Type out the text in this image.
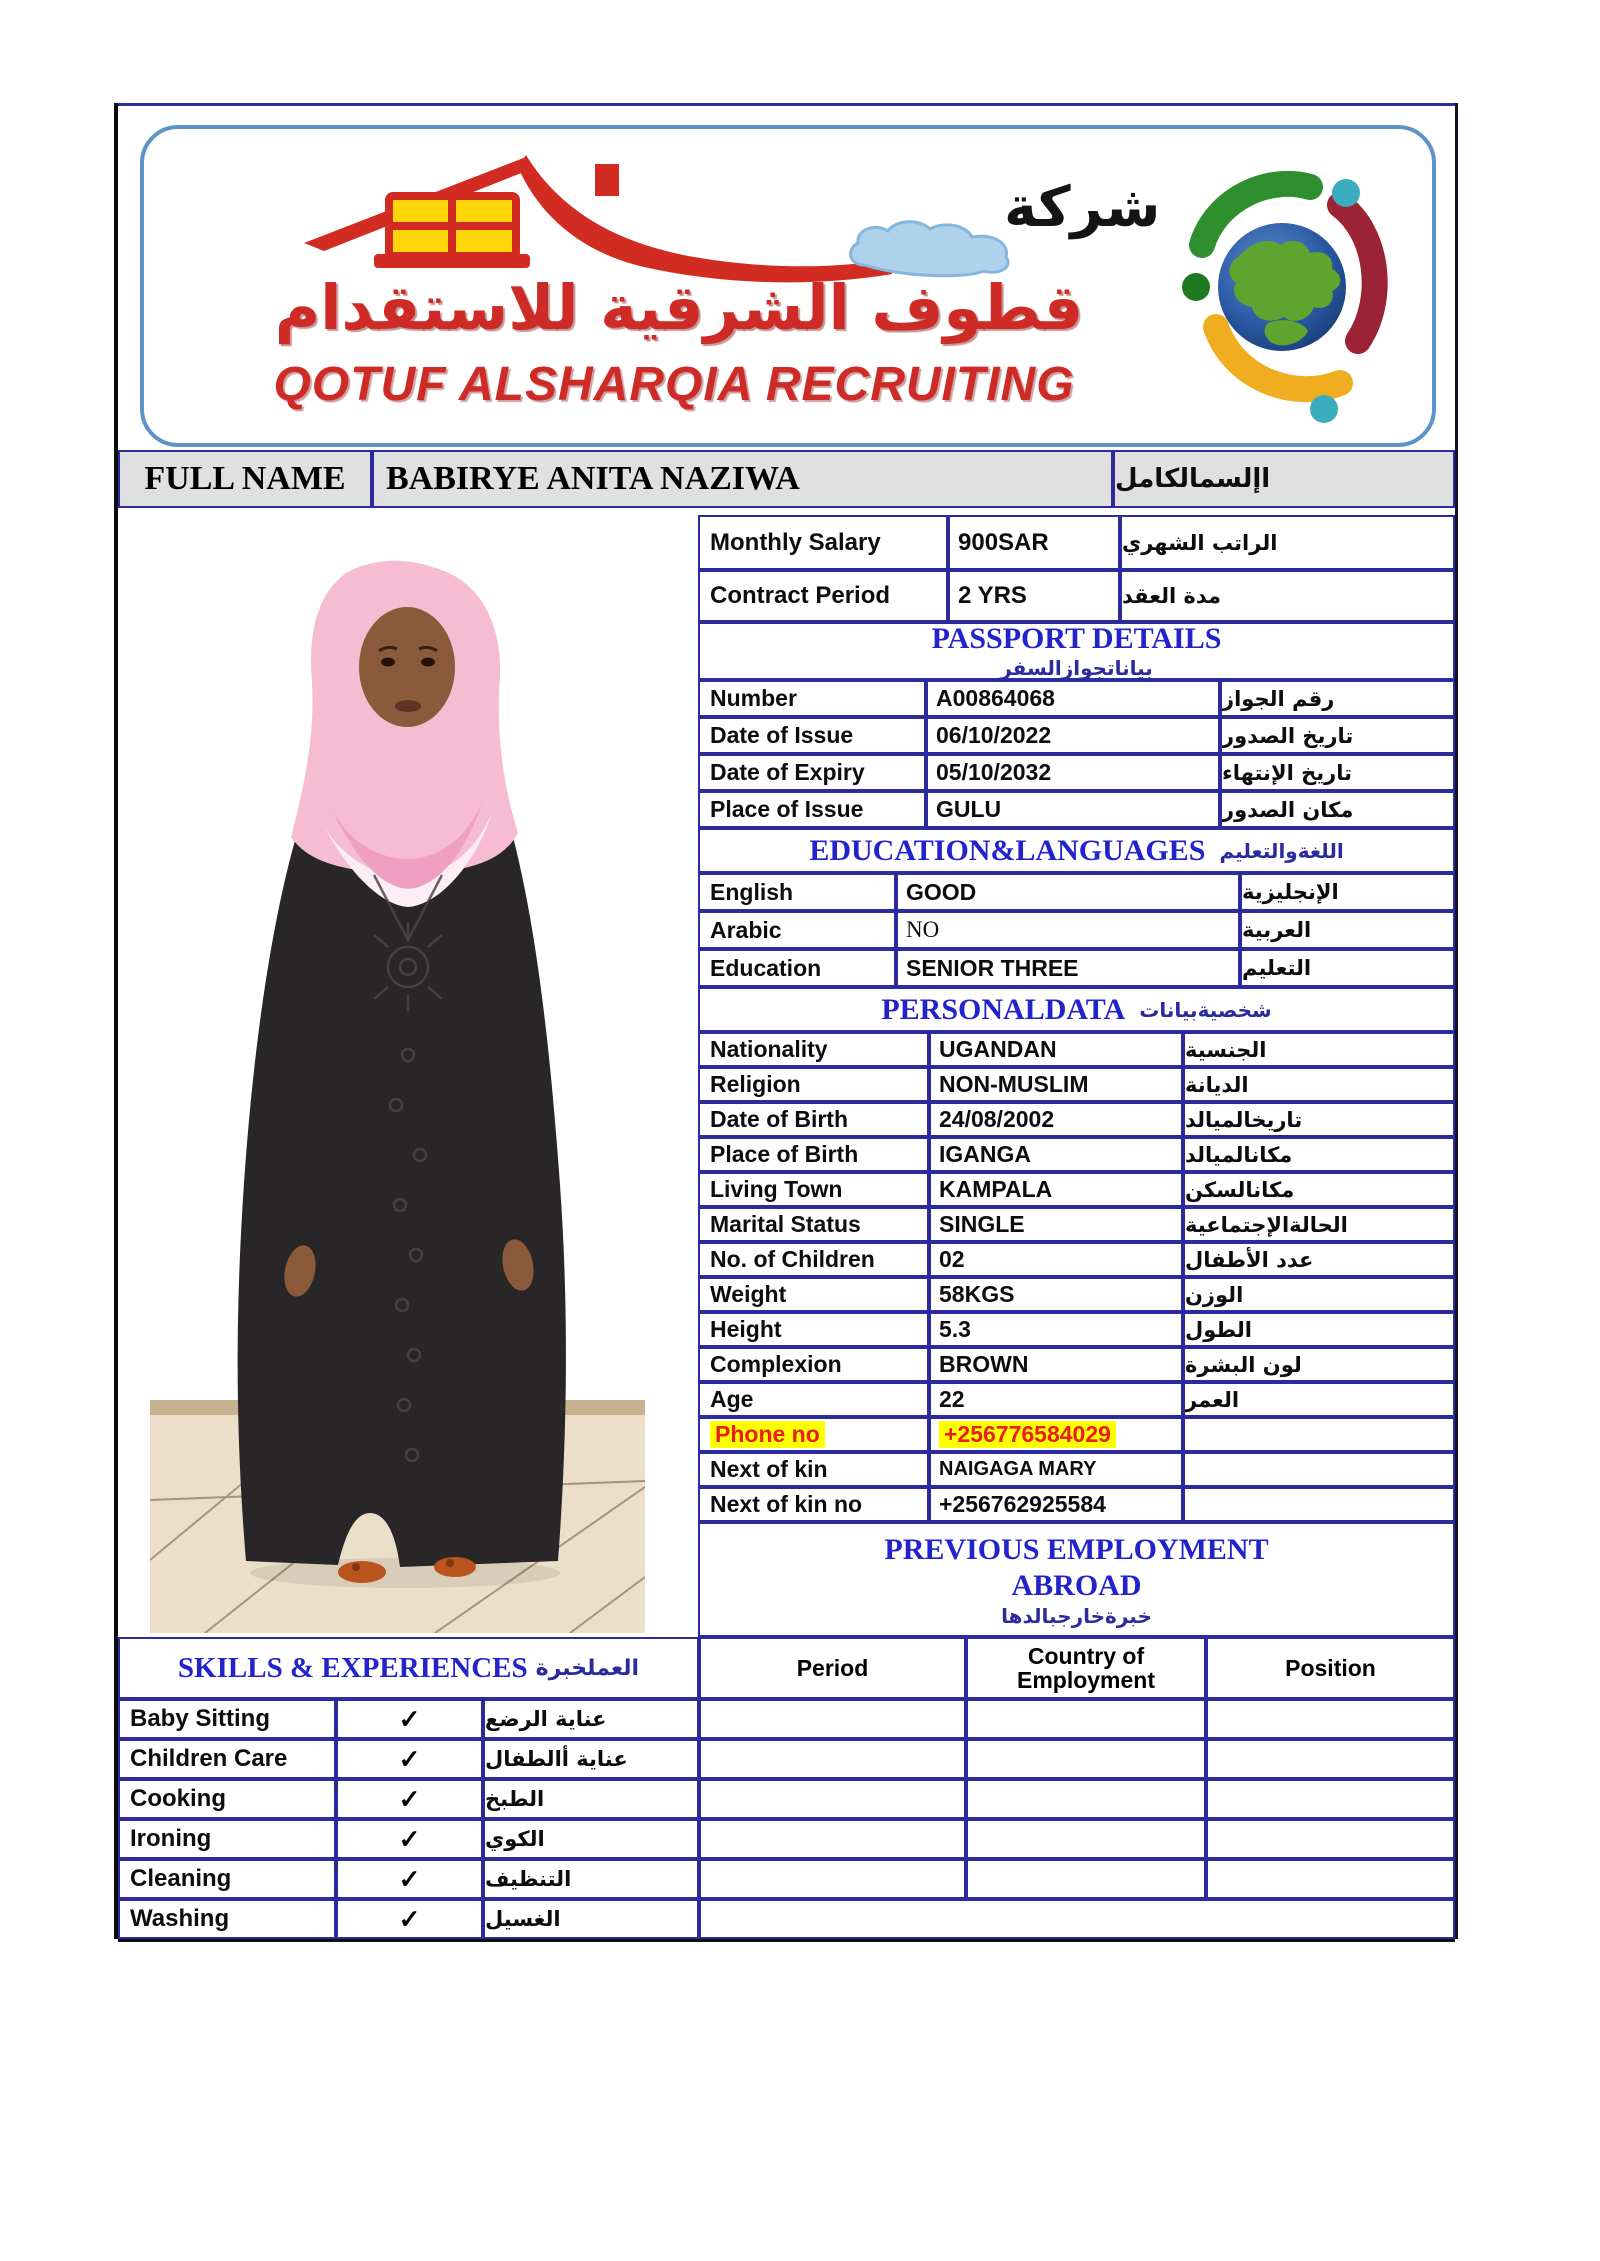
شركة
قطوف الشرقية للاستقدام
QOTUF ALSHARQIA RECRUITING
FULL NAME	BABIRYE ANITA NAZIWA	اإلسمالكامل
Monthly Salary	900SAR	الراتب الشهري
Contract Period	2 YRS	مدة العقد
PASSPORT DETAILS
بياناتجوازالسفر
Number	A00864068	رقم الجواز
Date of Issue	06/10/2022	تاريخ الصدور
Date of Expiry	05/10/2032	تاريخ الإنتهاء
Place of Issue	GULU	مكان الصدور
EDUCATION&LANGUAGES اللغةوالتعليم
English	GOOD	الإنجليزية
Arabic	NO	العربية
Education	SENIOR THREE	التعليم
PERSONALDATA شخصيةبيانات
Nationality	UGANDAN	الجنسية
Religion	NON-MUSLIM	الديانة
Date of Birth	24/08/2002	تاريخالميالد
Place of Birth	IGANGA	مكانالميالد
Living Town	KAMPALA	مكانالسكن
Marital Status	SINGLE	الحالةالإجتماعية
No. of Children	02	عدد الأطفال
Weight	58KGS	الوزن
Height	5.3	الطول
Complexion	BROWN	لون البشرة
Age	22	العمر
Phone no	+256776584029
Next of kin	NAIGAGA MARY
Next of kin no	+256762925584
PREVIOUS EMPLOYMENT
ABROAD
خبرةخارجبالدها
SKILLS & EXPERIENCES العملخبرة	Period	Country of Employment	Position
Baby Sitting	✓	عناية الرضع
Children Care	✓	عناية أالطفال
Cooking	✓	الطبخ
Ironing	✓	الكوي
Cleaning	✓	التنظيف
Washing	✓	الغسيل
